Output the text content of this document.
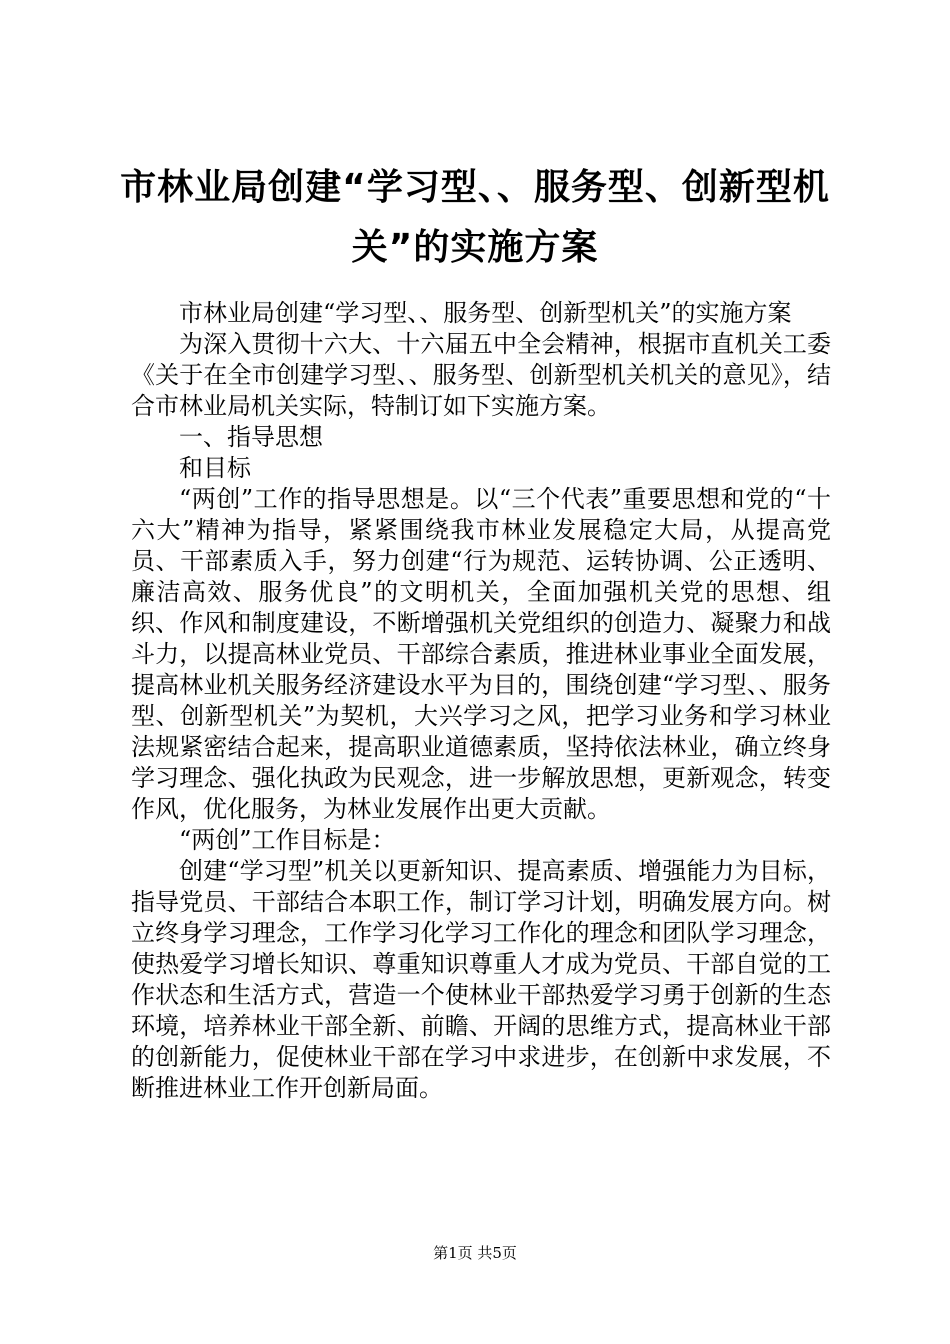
市林业局创建“学习型、、服务型、创新型机关”的实施方案

市林业局创建“学习型、、服务型、创新型机关”的实施方案

为深入贯彻十六大、十六届五中全会精神，根据市直机关工委《关于在全市创建学习型、、服务型、创新型机关机关的意见》，结合市林业局机关实际，特制订如下实施方案。

一、指导思想

和目标

“两创”工作的指导思想是。以“三个代表”重要思想和党的“十六大”精神为指导，紧紧围绕我市林业发展稳定大局，从提高党员、干部素质入手，努力创建“行为规范、运转协调、公正透明、廉洁高效、服务优良”的文明机关，全面加强机关党的思想、组织、作风和制度建设，不断增强机关党组织的创造力、凝聚力和战斗力，以提高林业党员、干部综合素质，推进林业事业全面发展，提高林业机关服务经济建设水平为目的，围绕创建“学习型、、服务型、创新型机关”为契机，大兴学习之风，把学习业务和学习林业法规紧密结合起来，提高职业道德素质，坚持依法林业，确立终身学习理念、强化执政为民观念，进一步解放思想，更新观念，转变作风，优化服务，为林业发展作出更大贡献。

“两创”工作目标是：

创建“学习型”机关以更新知识、提高素质、增强能力为目标，指导党员、干部结合本职工作，制订学习计划，明确发展方向。树立终身学习理念，工作学习化学习工作化的理念和团队学习理念，使热爱学习增长知识、尊重知识尊重人才成为党员、干部自觉的工作状态和生活方式，营造一个使林业干部热爱学习勇于创新的生态环境，培养林业干部全新、前瞻、开阔的思维方式，提高林业干部的创新能力，促使林业干部在学习中求进步，在创新中求发展，不断推进林业工作开创新局面。

第1页 共5页
